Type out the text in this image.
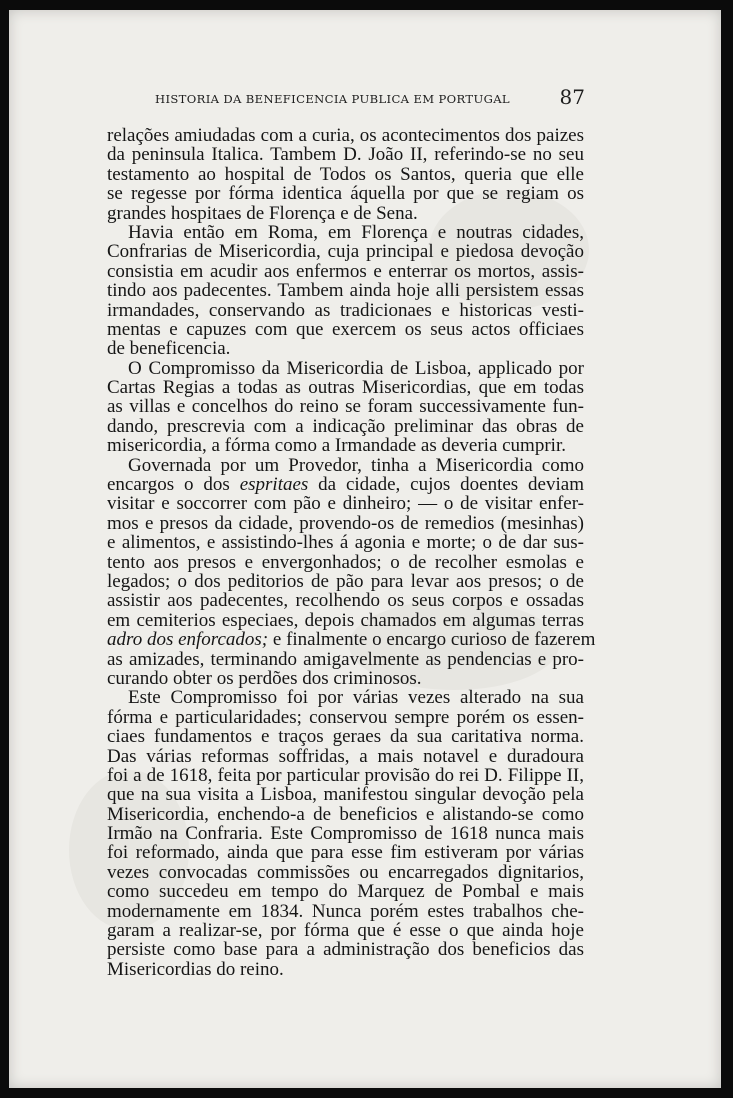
HISTORIA DA BENEFICENCIA PUBLICA EM PORTUGAL 87
relações amiudadas com a curia, os acontecimentos dos paizes
da peninsula Italica. Tambem D. João II, referindo-se no seu
testamento ao hospital de Todos os Santos, queria que elle
se regesse por fórma identica áquella por que se regiam os
grandes hospitaes de Florença e de Sena.
Havia então em Roma, em Florença e noutras cidades,
Confrarias de Misericordia, cuja principal e piedosa devoção
consistia em acudir aos enfermos e enterrar os mortos, assis-
tindo aos padecentes. Tambem ainda hoje alli persistem essas
irmandades, conservando as tradicionaes e historicas vesti-
mentas e capuzes com que exercem os seus actos officiaes
de beneficencia.
O Compromisso da Misericordia de Lisboa, applicado por
Cartas Regias a todas as outras Misericordias, que em todas
as villas e concelhos do reino se foram successivamente fun-
dando, prescrevia com a indicação preliminar das obras de
misericordia, a fórma como a Irmandade as deveria cumprir.
Governada por um Provedor, tinha a Misericordia como
encargos o dos espritaes da cidade, cujos doentes deviam
visitar e soccorrer com pão e dinheiro; — o de visitar enfer-
mos e presos da cidade, provendo-os de remedios (mesinhas)
e alimentos, e assistindo-lhes á agonia e morte; o de dar sus-
tento aos presos e envergonhados; o de recolher esmolas e
legados; o dos peditorios de pão para levar aos presos; o de
assistir aos padecentes, recolhendo os seus corpos e ossadas
em cemiterios especiaes, depois chamados em algumas terras
adro dos enforcados; e finalmente o encargo curioso de fazerem
as amizades, terminando amigavelmente as pendencias e pro-
curando obter os perdões dos criminosos.
Este Compromisso foi por várias vezes alterado na sua
fórma e particularidades; conservou sempre porém os essen-
ciaes fundamentos e traços geraes da sua caritativa norma.
Das várias reformas soffridas, a mais notavel e duradoura
foi a de 1618, feita por particular provisão do rei D. Filippe II,
que na sua visita a Lisboa, manifestou singular devoção pela
Misericordia, enchendo-a de beneficios e alistando-se como
Irmão na Confraria. Este Compromisso de 1618 nunca mais
foi reformado, ainda que para esse fim estiveram por várias
vezes convocadas commissões ou encarregados dignitarios,
como succedeu em tempo do Marquez de Pombal e mais
modernamente em 1834. Nunca porém estes trabalhos che-
garam a realizar-se, por fórma que é esse o que ainda hoje
persiste como base para a administração dos beneficios das
Misericordias do reino.
